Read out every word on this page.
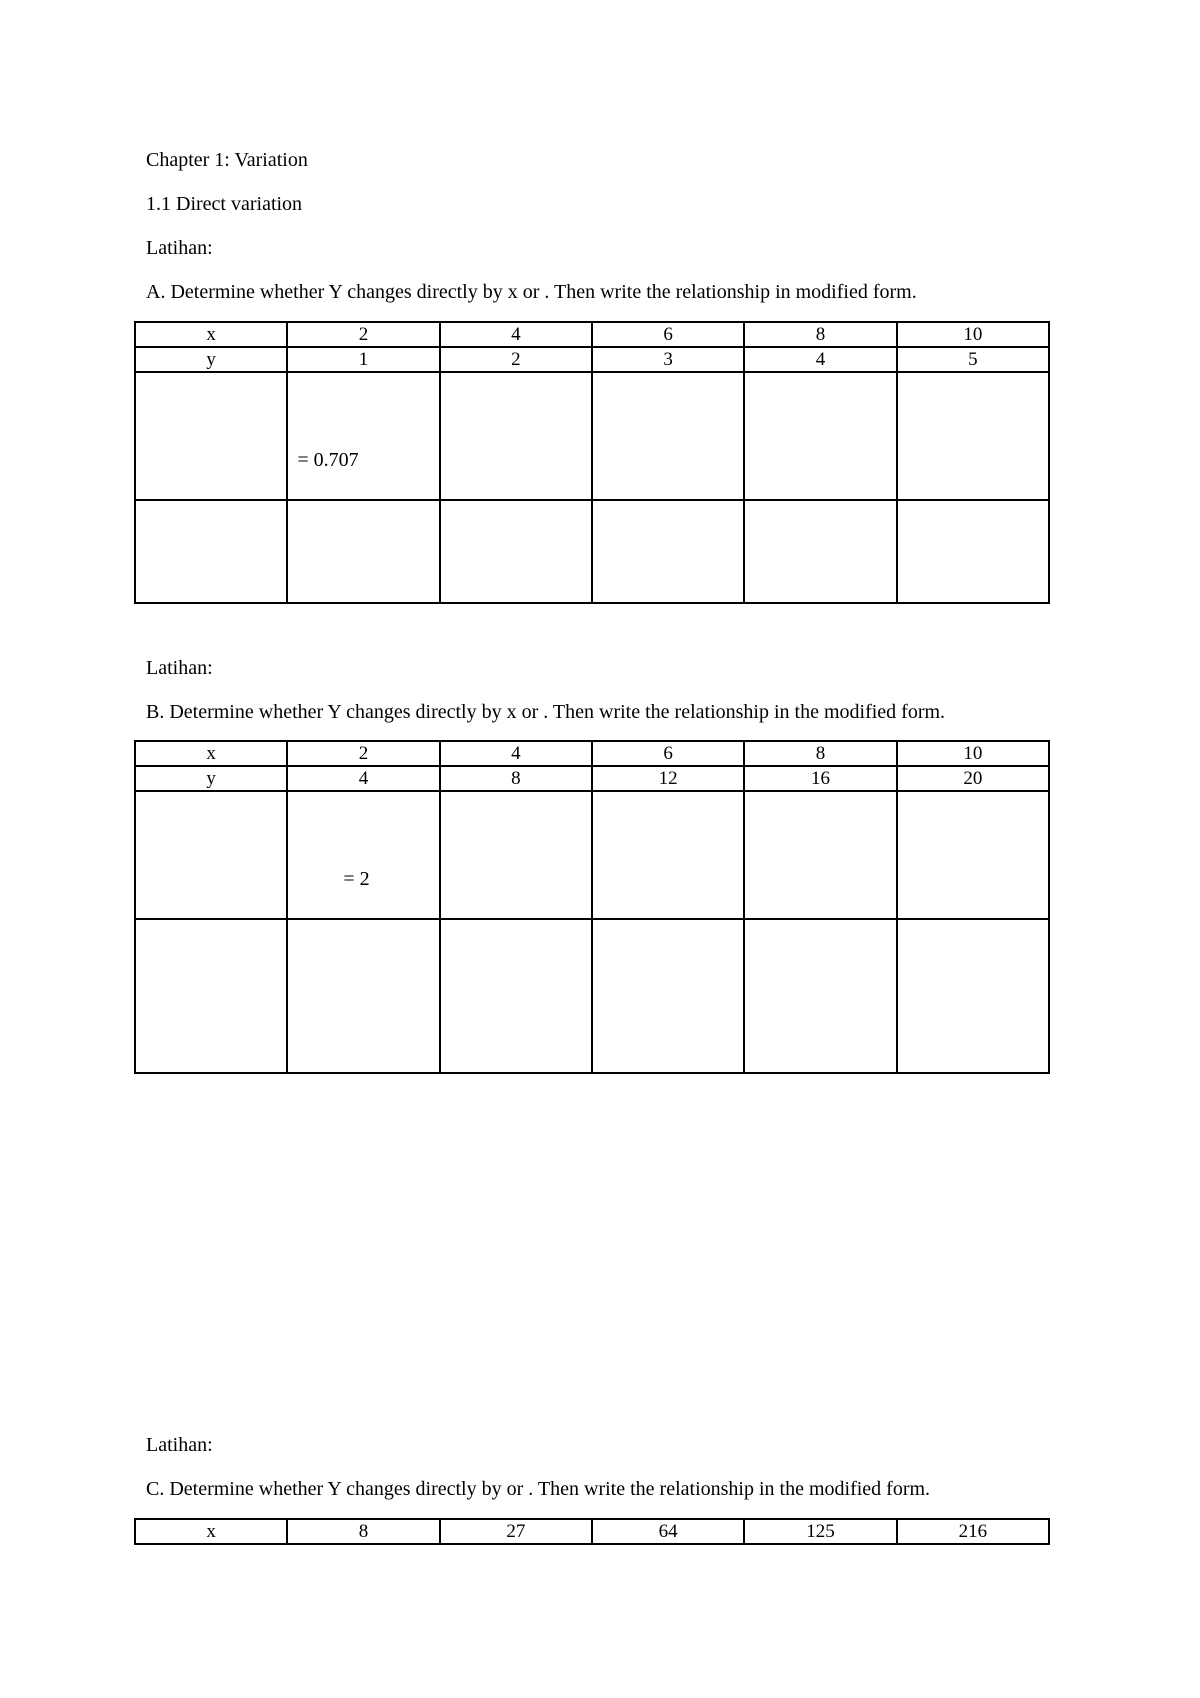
Chapter 1: Variation

1.1 Direct variation

Latihan:

A. Determine whether Y changes directly by x or . Then write the relationship in modified form.

x	2	4	6	8	10
y	1	2	3	4	5
	= 0.707				

Latihan:

B. Determine whether Y changes directly by x or . Then write the relationship in the modified form.

x	2	4	6	8	10
y	4	8	12	16	20
	= 2				

Latihan:

C. Determine whether Y changes directly by or . Then write the relationship in the modified form.

x	8	27	64	125	216
